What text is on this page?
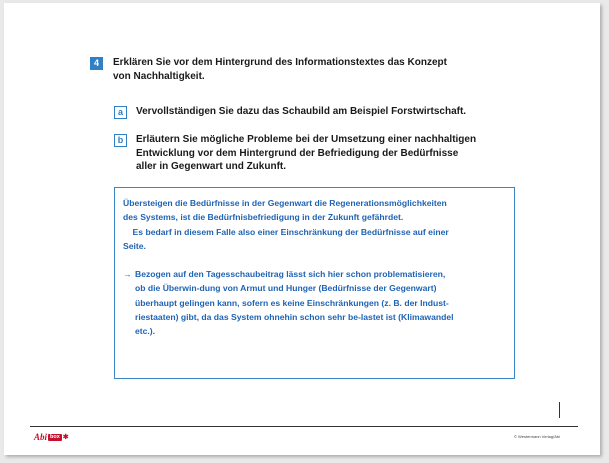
4	Erklären Sie vor dem Hintergrund des Informationstextes das Konzept
von Nachhaltigkeit.
a	Vervollständigen Sie dazu das Schaubild am Beispiel Forstwirtschaft.
b	Erläutern Sie mögliche Probleme bei der Umsetzung einer nachhaltigen
Entwicklung vor dem Hintergrund der Befriedigung der Bedürfnisse
aller in Gegenwart und Zukunft.

Übersteigen die Bedürfnisse in der Gegenwart die Regenerationsmöglichkeiten

des Systems, ist die Bedürfnisbefriedigung in der Zukunft gefährdet.

Es bedarf in diesem Falle also einer Einschränkung der Bedürfnisse auf einer

Seite.

→ Bezogen auf den Tagesschaubeitrag lässt sich hier schon problematisieren,

ob die Überwin-dung von Armut und Hunger (Bedürfnisse der Gegenwart)

überhaupt gelingen kann, sofern es keine Einschränkungen (z. B. der Indust-

riestaaten) gibt, da das System ohnehin schon sehr be-lastet ist (Klimawandel

etc.).

Abi box ✱	© Westermann Verlag/Abi
